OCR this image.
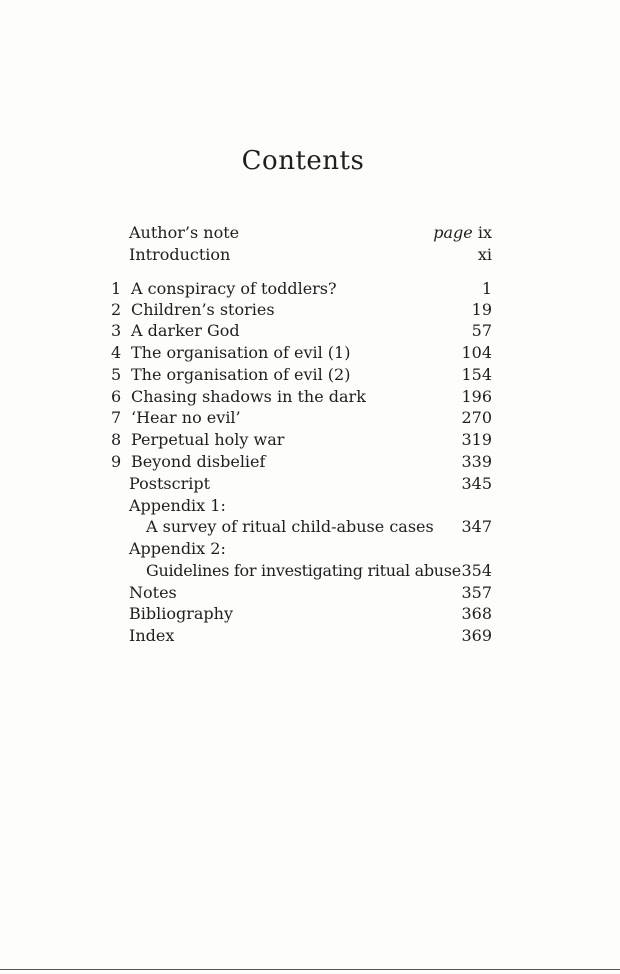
Contents
Author’s note	page ix
Introduction	xi
1 A conspiracy of toddlers?	1
2 Children’s stories	19
3 A darker God	57
4 The organisation of evil (1)	104
5 The organisation of evil (2)	154
6 Chasing shadows in the dark	196
7 ‘Hear no evil’	270
8 Perpetual holy war	319
9 Beyond disbelief	339
Postscript	345
Appendix 1:
A survey of ritual child-abuse cases 347
Appendix 2:
Guidelines for investigating ritual abuse 354
Notes	357
Bibliography	368
Index	369
